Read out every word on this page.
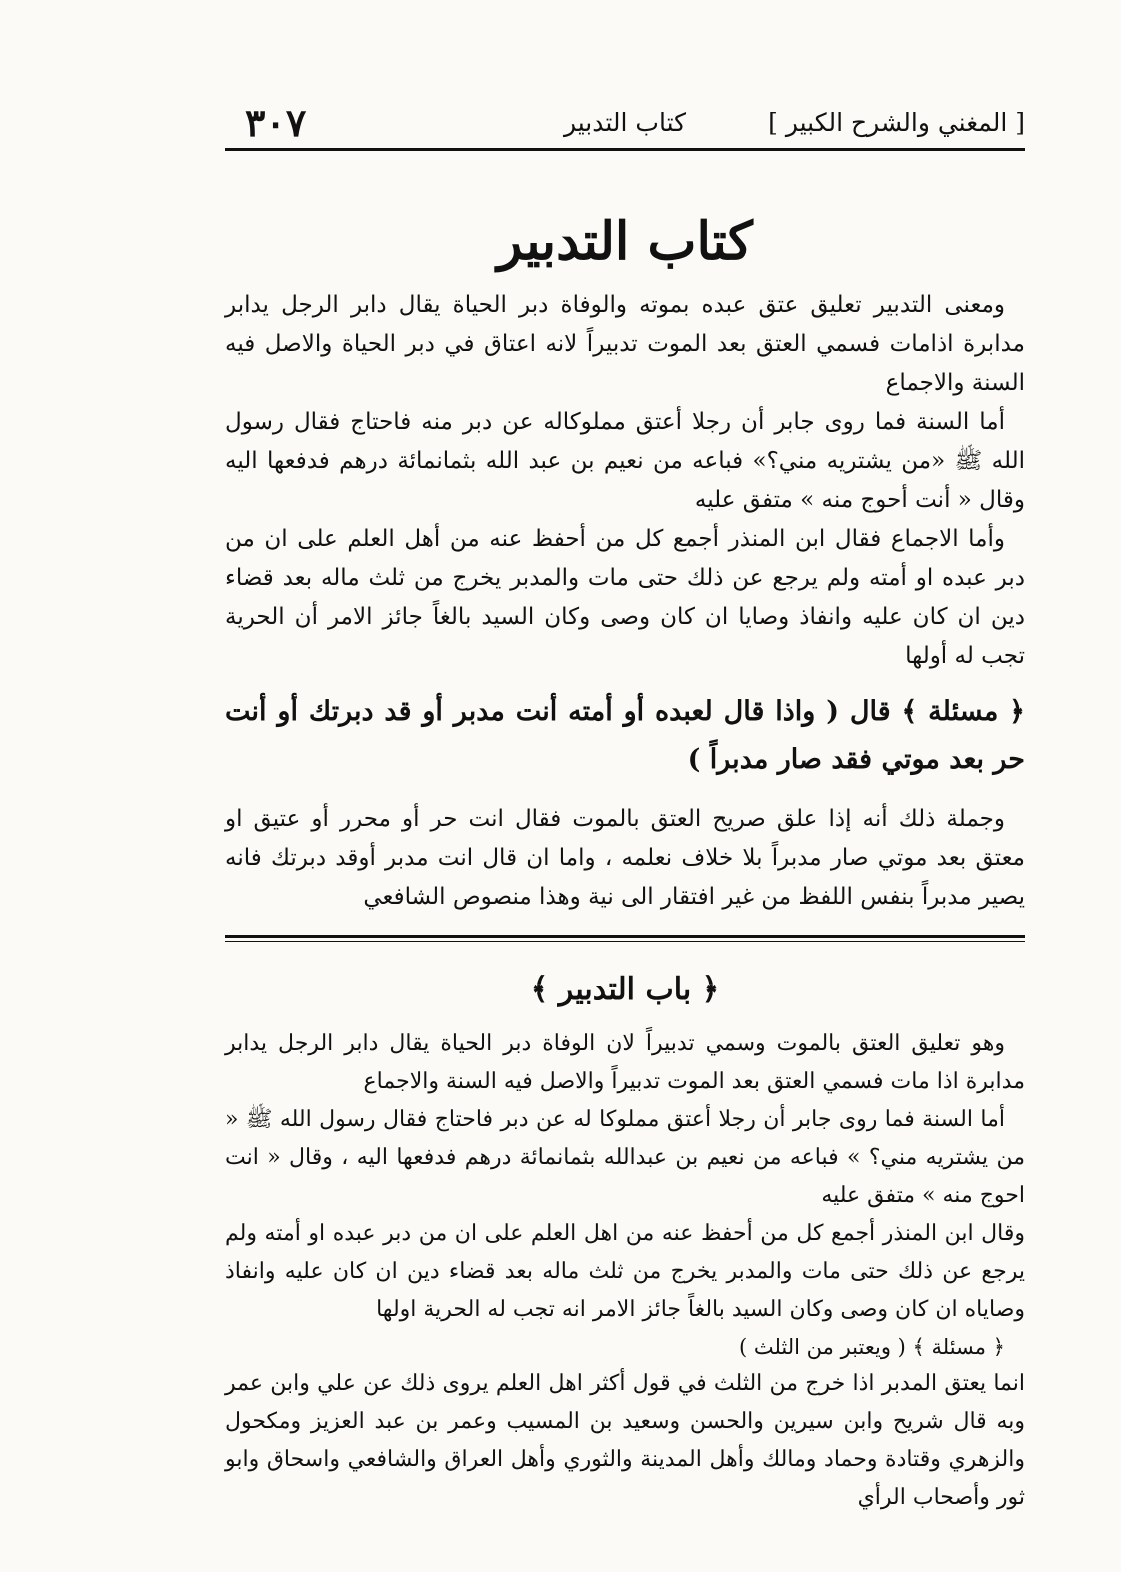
[ المغني والشرح الكبير ]
كتاب التدبير
٣٠٧
كتاب التدبير

ومعنى التدبير تعليق عتق عبده بموته والوفاة دبر الحياة يقال دابر الرجل يدابر مدابرة اذامات فسمي العتق بعد الموت تدبيراً لانه اعتاق في دبر الحياة والاصل فيه السنة والاجماع

أما السنة فما روى جابر أن رجلا أعتق مملوكاله عن دبر منه فاحتاج فقال رسول الله ﷺ «من يشتريه مني؟» فباعه من نعيم بن عبد الله بثمانمائة درهم فدفعها اليه وقال « أنت أحوج منه » متفق عليه

وأما الاجماع فقال ابن المنذر أجمع كل من أحفظ عنه من أهل العلم على ان من دبر عبده او أمته ولم يرجع عن ذلك حتى مات والمدبر يخرج من ثلث ماله بعد قضاء دين ان كان عليه وانفاذ وصايا ان كان وصى وكان السيد بالغاً جائز الامر أن الحرية تجب له أولها

﴿ مسئلة ﴾ قال ( واذا قال لعبده أو أمته أنت مدبر أو قد دبرتك أو أنت حر بعد موتي فقد صار مدبراً )

وجملة ذلك أنه إذا علق صريح العتق بالموت فقال انت حر أو محرر أو عتيق او معتق بعد موتي صار مدبراً بلا خلاف نعلمه ، واما ان قال انت مدبر أوقد دبرتك فانه يصير مدبراً بنفس اللفظ من غير افتقار الى نية وهذا منصوص الشافعي

﴿ باب التدبير ﴾

وهو تعليق العتق بالموت وسمي تدبيراً لان الوفاة دبر الحياة يقال دابر الرجل يدابر مدابرة اذا مات فسمي العتق بعد الموت تدبيراً والاصل فيه السنة والاجماع

أما السنة فما روى جابر أن رجلا أعتق مملوكا له عن دبر فاحتاج فقال رسول الله ﷺ « من يشتريه مني؟ » فباعه من نعيم بن عبدالله بثمانمائة درهم فدفعها اليه ، وقال « انت احوج منه » متفق عليه

وقال ابن المنذر أجمع كل من أحفظ عنه من اهل العلم على ان من دبر عبده او أمته ولم يرجع عن ذلك حتى مات والمدبر يخرج من ثلث ماله بعد قضاء دين ان كان عليه وانفاذ وصاياه ان كان وصى وكان السيد بالغاً جائز الامر انه تجب له الحرية اولها

﴿ مسئلة ﴾ ( ويعتبر من الثلث )

انما يعتق المدبر اذا خرج من الثلث في قول أكثر اهل العلم يروى ذلك عن علي وابن عمر وبه قال شريح وابن سيرين والحسن وسعيد بن المسيب وعمر بن عبد العزيز ومكحول والزهري وقتادة وحماد ومالك وأهل المدينة والثوري وأهل العراق والشافعي واسحاق وابو ثور وأصحاب الرأي
